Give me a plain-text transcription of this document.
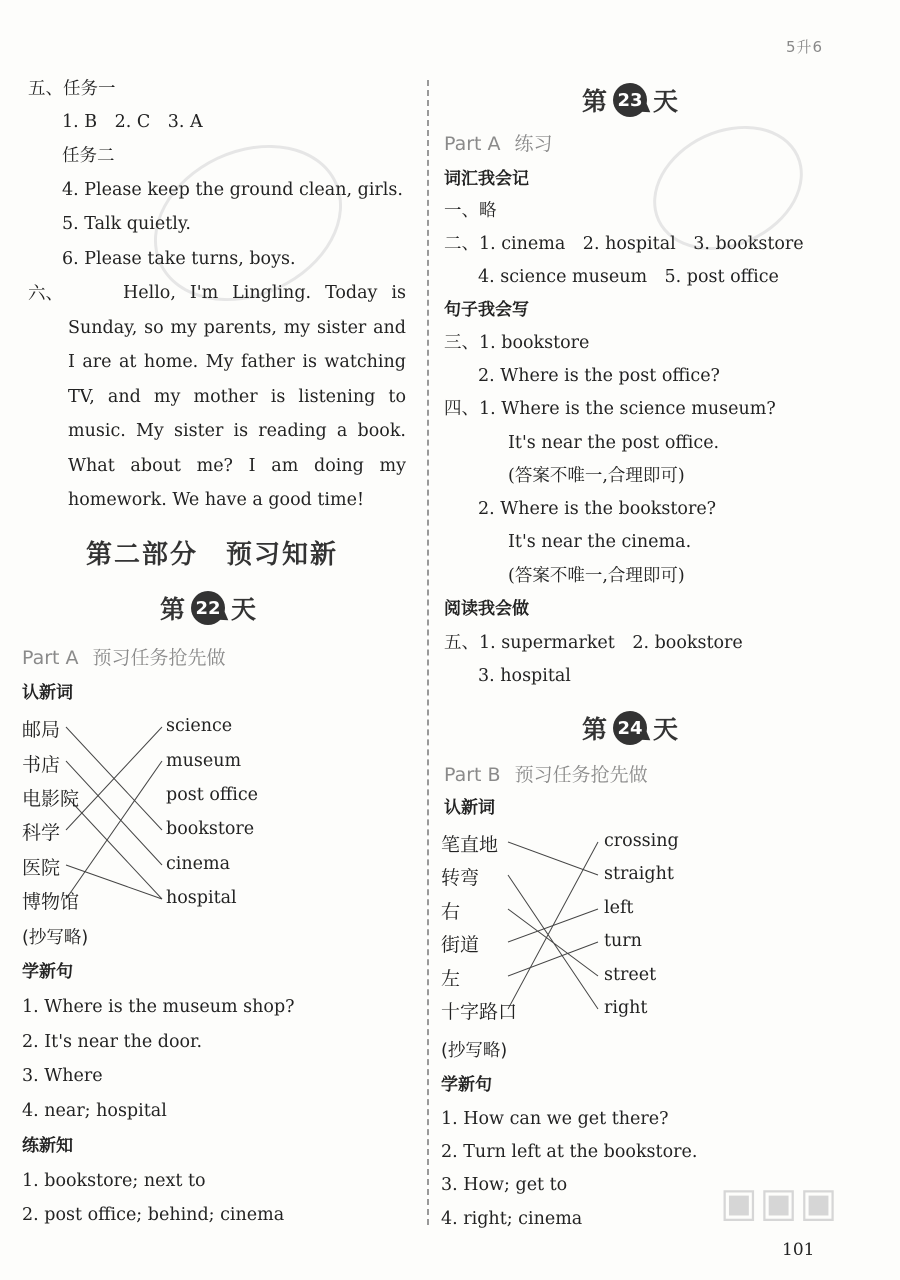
5升6
▣▣▣
五、任务一
1. B　2. C　3. A
任务二
4. Please keep the ground clean, girls.
5. Talk quietly.
6. Please take turns, boys.
六、	Hello, I'm Lingling. Today is Sunday, so my parents, my sister and I are at home. My father is watching TV, and my mother is listening to music. My sister is reading a book. What about me? I am doing my homework. We have a good time!
第二部分　预习知新
第 22 天
Part A 预习任务抢先做
认新词
邮局
书店
电影院
科学
医院
博物馆
science
museum
post office
bookstore
cinema
hospital
(抄写略)
学新句
1. Where is the museum shop?
2. It's near the door.
3. Where
4. near; hospital
练新知
1. bookstore; next to
2. post office; behind; cinema
第 23 天
Part A 练习
词汇我会记
一、略
二、1. cinema　2. hospital　3. bookstore
4. science museum　5. post office
句子我会写
三、1. bookstore
2. Where is the post office?
四、1. Where is the science museum?
It's near the post office.
(答案不唯一,合理即可)
2. Where is the bookstore?
It's near the cinema.
(答案不唯一,合理即可)
阅读我会做
五、1. supermarket　2. bookstore
3. hospital
第 24 天
Part B 预习任务抢先做
认新词
笔直地
转弯
右
街道
左
十字路口
crossing
straight
left
turn
street
right
(抄写略)
学新句
1. How can we get there?
2. Turn left at the bookstore.
3. How; get to
4. right; cinema
101
